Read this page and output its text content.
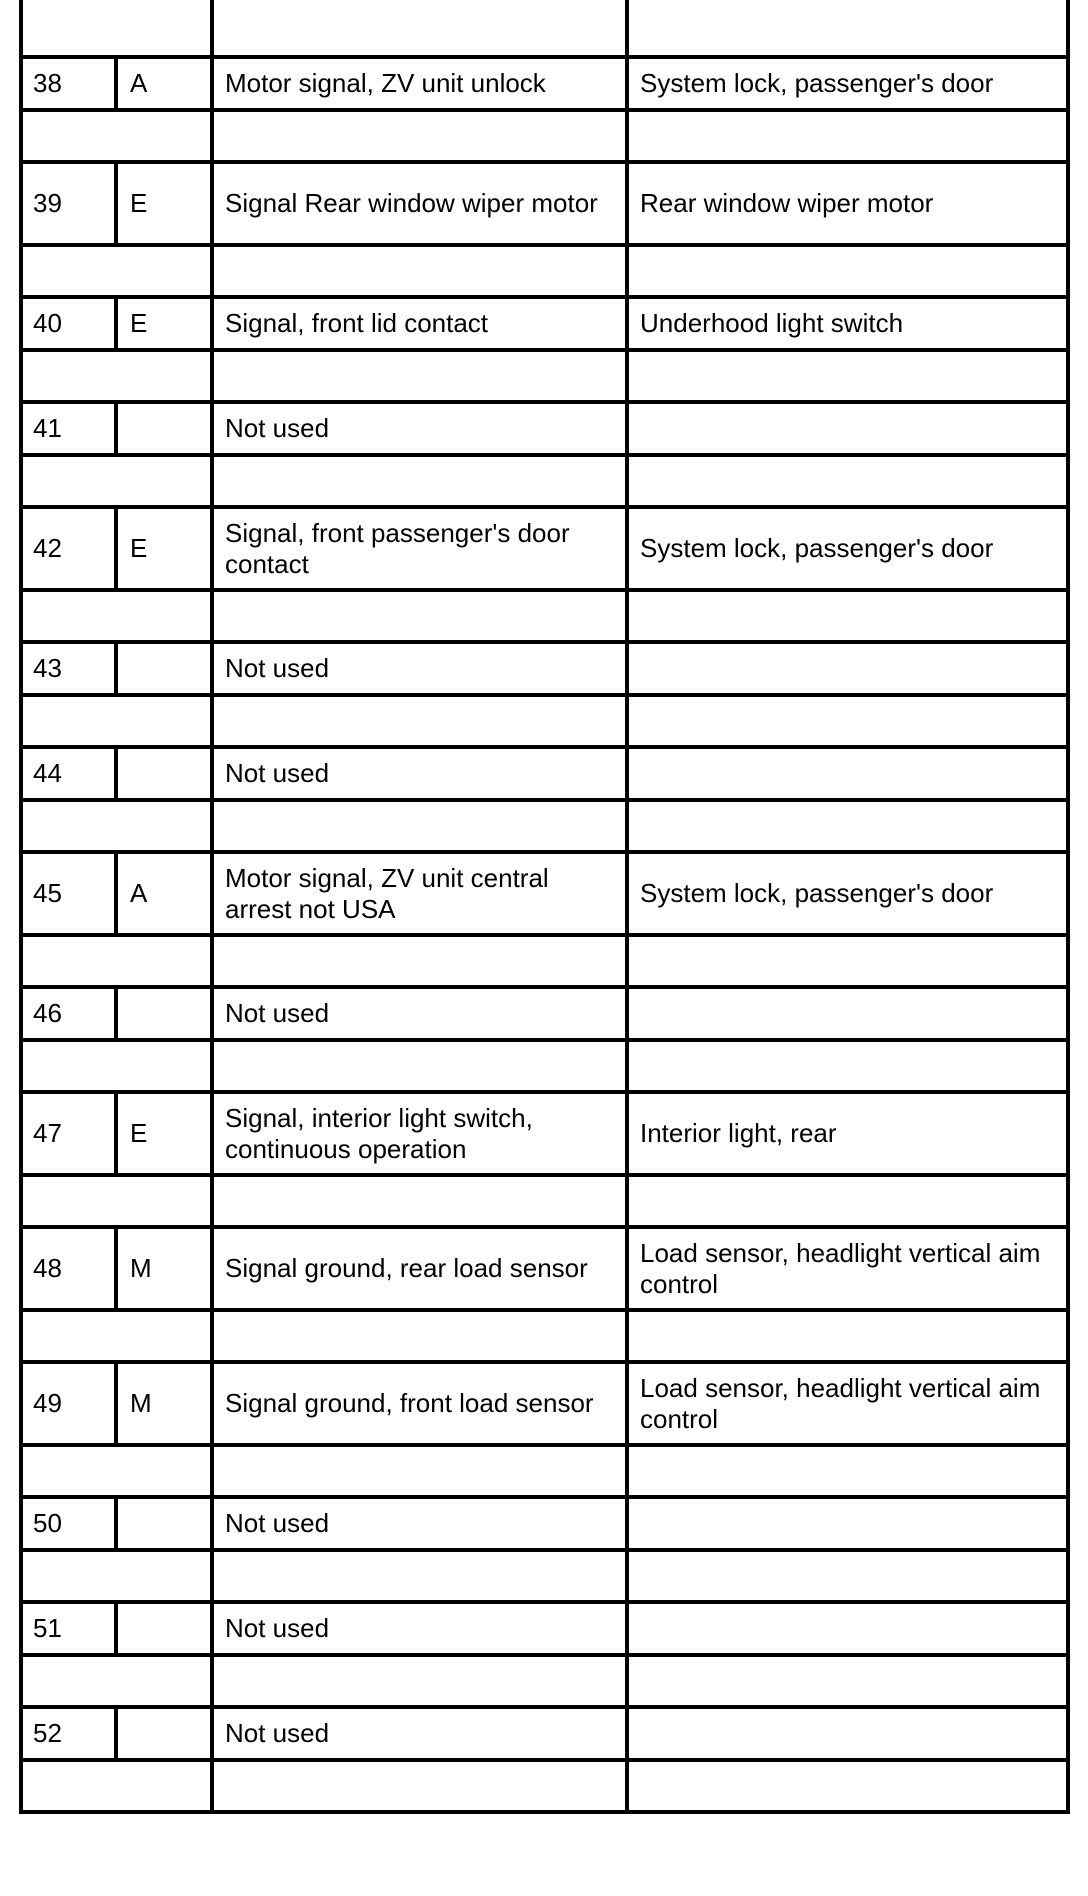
38	A	Motor signal, ZV unit unlock	System lock, passenger's door

39	E	Signal Rear window wiper motor	Rear window wiper motor

40	E	Signal, front lid contact	Underhood light switch

41		Not used	

42	E	Signal, front passenger's door contact	System lock, passenger's door

43		Not used	

44		Not used	

45	A	Motor signal, ZV unit central arrest not USA	System lock, passenger's door

46		Not used	

47	E	Signal, interior light switch, continuous operation	Interior light, rear

48	M	Signal ground, rear load sensor	Load sensor, headlight vertical aim control

49	M	Signal ground, front load sensor	Load sensor, headlight vertical aim control

50		Not used	

51		Not used	

52		Not used	
